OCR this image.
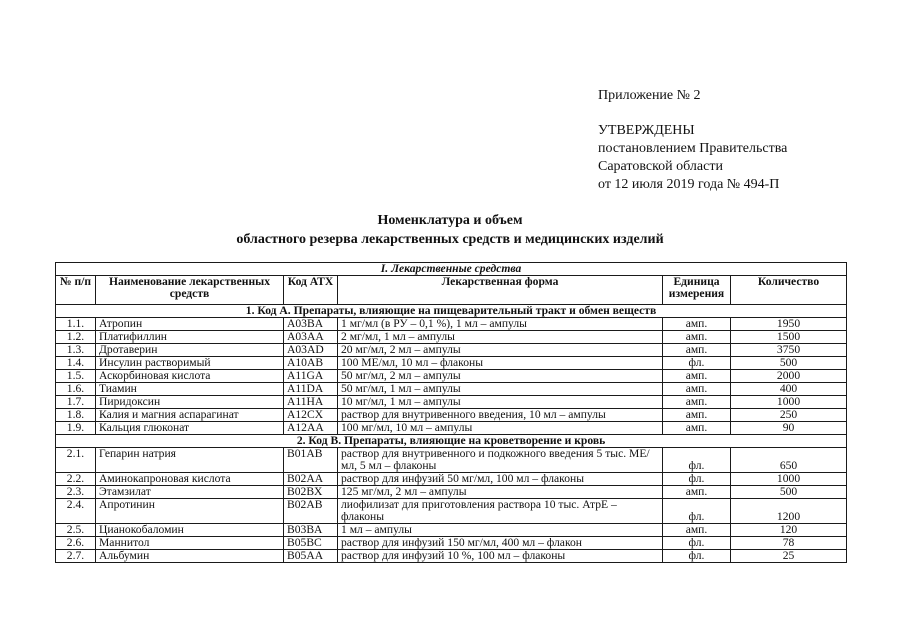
Приложение № 2
УТВЕРЖДЕНЫ
постановлением Правительства
Саратовской области
от 12 июля 2019 года № 494-П
Номенклатура и объем
областного резерва лекарственных средств и медицинских изделий
I. Лекарственные средства					
№ п/п	Наименование лекарственных средств	Код АТХ	Лекарственная форма	Единица измерения	Количество
1. Код А. Препараты, влияющие на пищеварительный тракт и обмен веществ					
1.1.	Атропин	A03BA	1 мг/мл (в РУ – 0,1 %), 1 мл – ампулы	амп.	1950
1.2.	Платифиллин	A03AA	2 мг/мл, 1 мл – ампулы	амп.	1500
1.3.	Дротаверин	A03AD	20 мг/мл, 2 мл – ампулы	амп.	3750
1.4.	Инсулин растворимый	A10AB	100 МЕ/мл, 10 мл – флаконы	фл.	500
1.5.	Аскорбиновая кислота	A11GA	50 мг/мл, 2 мл – ампулы	амп.	2000
1.6.	Тиамин	A11DA	50 мг/мл, 1 мл – ампулы	амп.	400
1.7.	Пиридоксин	A11HA	10 мг/мл, 1 мл – ампулы	амп.	1000
1.8.	Калия и магния аспарагинат	A12CX	раствор для внутривенного введения, 10 мл – ампулы	амп.	250
1.9.	Кальция глюконат	A12AA	100 мг/мл, 10 мл – ампулы	амп.	90
2. Код В. Препараты, влияющие на кроветворение и кровь					
2.1.	Гепарин натрия	B01AB	раствор для внутривенного и подкожного введения 5 тыс. МЕ/мл, 5 мл – флаконы	фл.	650
2.2.	Аминокапроновая кислота	B02AA	раствор для инфузий 50 мг/мл, 100 мл – флаконы	фл.	1000
2.3.	Этамзилат	B02BX	125 мг/мл, 2 мл – ампулы	амп.	500
2.4.	Апротинин	B02AB	лиофилизат для приготовления раствора 10 тыс. АтрЕ – флаконы	фл.	1200
2.5.	Цианокобаломин	B03BA	1 мл – ампулы	амп.	120
2.6.	Маннитол	B05BC	раствор для инфузий 150 мг/мл, 400 мл – флакон	фл.	78
2.7.	Альбумин	B05AA	раствор для инфузий 10 %, 100 мл – флаконы	фл.	25
